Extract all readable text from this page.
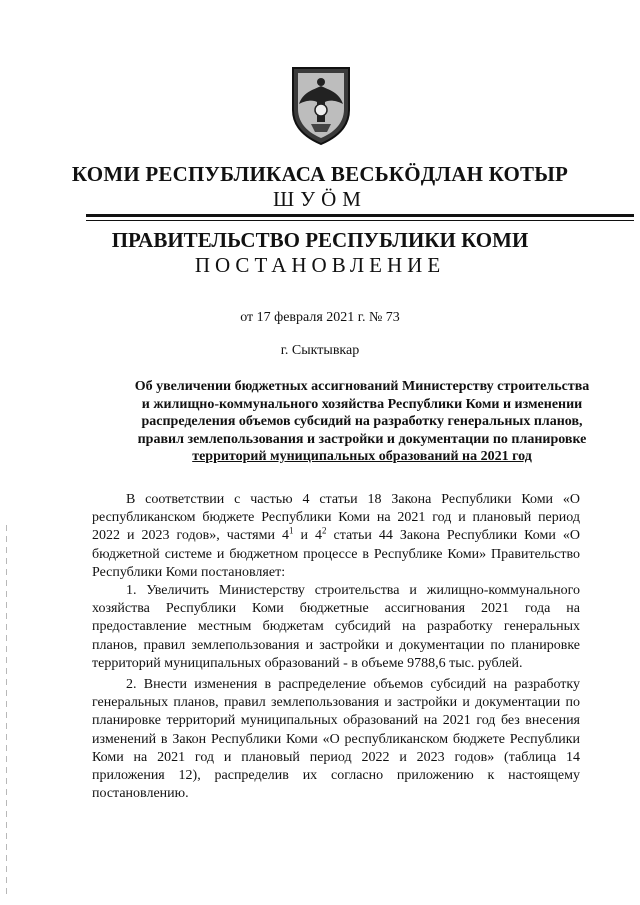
КОМИ РЕСПУБЛИКАСА ВЕСЬКӦДЛАН КОТЫР
ШУӦМ
ПРАВИТЕЛЬСТВО РЕСПУБЛИКИ КОМИ
ПОСТАНОВЛЕНИЕ
от 17 февраля 2021 г. № 73
г. Сыктывкар
Об увеличении бюджетных ассигнований Министерству строительства
и жилищно-коммунального хозяйства Республики Коми и изменении
распределения объемов субсидий на разработку генеральных планов,
правил землепользования и застройки и документации по планировке
территорий муниципальных образований на 2021 год

В соответствии с частью 4 статьи 18 Закона Республики Коми «О республиканском бюджете Республики Коми на 2021 год и плановый период 2022 и 2023 годов», частями $4^1$ и $4^2$ статьи 44 Закона Республики Коми «О бюджетной системе и бюджетном процессе в Республике Коми» Правительство Республики Коми постановляет:

1. Увеличить Министерству строительства и жилищно-коммунального хозяйства Республики Коми бюджетные ассигнования 2021 года на предоставление местным бюджетам субсидий на разработку генеральных планов, правил землепользования и застройки и документации по планировке территорий муниципальных образований - в объеме 9788,6 тыс. рублей.

2. Внести изменения в распределение объемов субсидий на разработку генеральных планов, правил землепользования и застройки и документации по планировке территорий муниципальных образований на 2021 год без внесения изменений в Закон Республики Коми «О республиканском бюджете Республики Коми на 2021 год и плановый период 2022 и 2023 годов» (таблица 14 приложения 12), распределив их согласно приложению к настоящему постановлению.
